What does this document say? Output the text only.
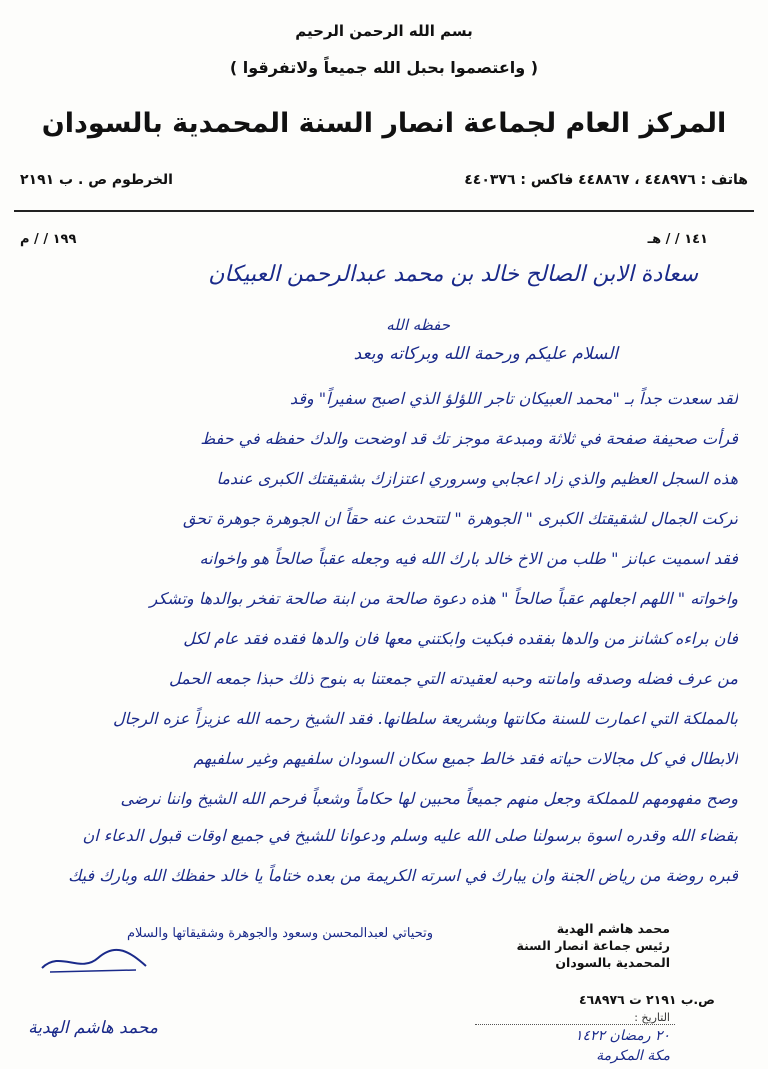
بسم الله الرحمن الرحيم
( واعتصموا بحبل الله جميعاً ولاتفرقوا )
المركز العام لجماعة انصار السنة المحمدية بالسودان
هاتف : ٤٤٨٩٧٦ ، ٤٤٨٨٦٧ فاكس : ٤٤٠٣٧٦
الخرطوم ص . ب ٢١٩١
١٤١ / / هـ
١٩٩ / / م
سعادة الابن الصالح خالد بن محمد عبدالرحمن العبيكان
حفظه الله
السلام عليكم ورحمة الله وبركاته وبعد
لقد سعدت جداً بـ "محمد العبيكان تاجر اللؤلؤ الذي اصبح سفيراً" وقد
قرأت صحيفة صفحة في ثلاثة ومبدعة موجز تك قد اوضحت والدك حفظه في حفظ
هذه السجل العظيم والذي زاد اعجابي وسروري اعتزازك بشقيقتك الكبرى عندما
تركت الجمال لشقيقتك الكبرى " الجوهرة " لتتحدث عنه حقاً ان الجوهرة جوهرة تحق
فقد اسميت عبانز " طلب من الاخ خالد بارك الله فيه وجعله عقباً صالحاً هو واخوانه
واخواته " اللهم اجعلهم عقباً صالحاً " هذه دعوة صالحة من ابنة صالحة تفخر بوالدها وتشكر
فان براءه كشانز من والدها بفقده فبكيت وابكتني معها فان والدها فقده فقد عام لكل
من عرف فضله وصدقه وامانته وحبه لعقيدته التي جمعتنا به بنوح ذلك حبذا جمعه الحمل
بالمملكة التي اعمارت للسنة مكانتها وبشريعة سلطانها. فقد الشيخ رحمه الله عزيزاً عزه الرجال
الابطال في كل مجالات حياته فقد خالط جميع سكان السودان سلفيهم وغير سلفيهم
وصح مفهومهم للمملكة وجعل منهم جميعاً محبين لها حكاماً وشعباً فرحم الله الشيخ واننا نرضى
بقضاء الله وقدره اسوة برسولنا صلى الله عليه وسلم ودعوانا للشيخ في جميع اوقات قبول الدعاء ان
قبره روضة من رياض الجنة وان يبارك في اسرته الكريمة من بعده ختاماً يا خالد حفظك الله وبارك فيك
وتحياتي لعبدالمحسن وسعود والجوهرة وشقيقاتها والسلام
محمد هاشم الهدية
محمد هاشم الهدية
رئيس جماعة انصار السنة
المحمدية بالسودان
ص.ب ٢١٩١ ت ٤٦٨٩٧٦
التاريخ :
٢٠ رمضان ١٤٢٢
مكة المكرمة
